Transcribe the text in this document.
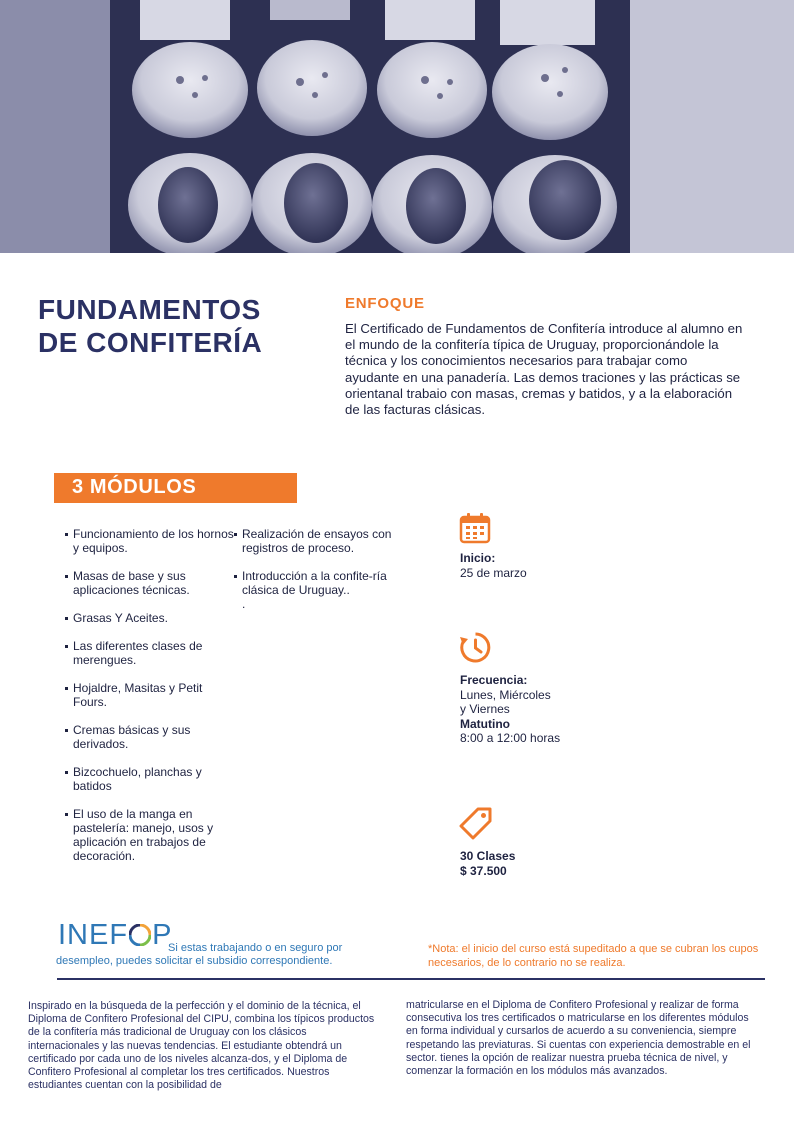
FUNDAMENTOS
DE CONFITERÍA
ENFOQUE

El Certificado de Fundamentos de Confitería introduce al alumno en el mundo de la confitería típica de Uruguay, proporcionándole la técnica y los conocimientos necesarios para trabajar como ayudante en una panadería. Las demos traciones y las prácticas se orientanal trabaio con masas, cremas y batidos, y a la elaboración de las facturas clásicas.

3 MÓDULOS
Funcionamiento de los hornos y equipos.
Masas de base y sus aplicaciones técnicas.
Grasas Y Aceites.
Las diferentes clases de merengues.
Hojaldre, Masitas y Petit Fours.
Cremas básicas y sus derivados.
Bizcochuelo, planchas y batidos
El uso de la manga en pastelería: manejo, usos y aplicación en trabajos de decoración.
Realización de ensayos con registros de proceso.
Introducción a la confite-ría clásica de Uruguay..
.
Inicio:
25 de marzo
Frecuencia:
Lunes, Miércoles
y Viernes
Matutino
8:00 a 12:00 horas
30 Clases
$ 37.500
INEF P
Si estas trabajando o en seguro por
desempleo, puedes solicitar el subsidio correspondiente.
*Nota: el inicio del curso está supeditado a que se cubran los cupos necesarios, de lo contrario no se realiza.
Inspirado en la búsqueda de la perfección y el dominio de la técnica, el Diploma de Confitero Profesional del CIPU, combina los típicos productos de la confitería más tradicional de Uruguay con los clásicos internacionales y las nuevas tendencias. El estudiante obtendrá un certificado por cada uno de los niveles alcanza-dos, y el Diploma de Confitero Profesional al completar los tres certificados. Nuestros estudiantes cuentan con la posibilidad de
matricularse en el Diploma de Confitero Profesional y realizar de forma consecutiva los tres certificados o matricularse en los diferentes módulos en forma individual y cursarlos de acuerdo a su conveniencia, siempre respetando las previaturas. Si cuentas con experiencia demostrable en el sector. tienes la opción de realizar nuestra prueba técnica de nivel, y comenzar la formación en los módulos más avanzados.
